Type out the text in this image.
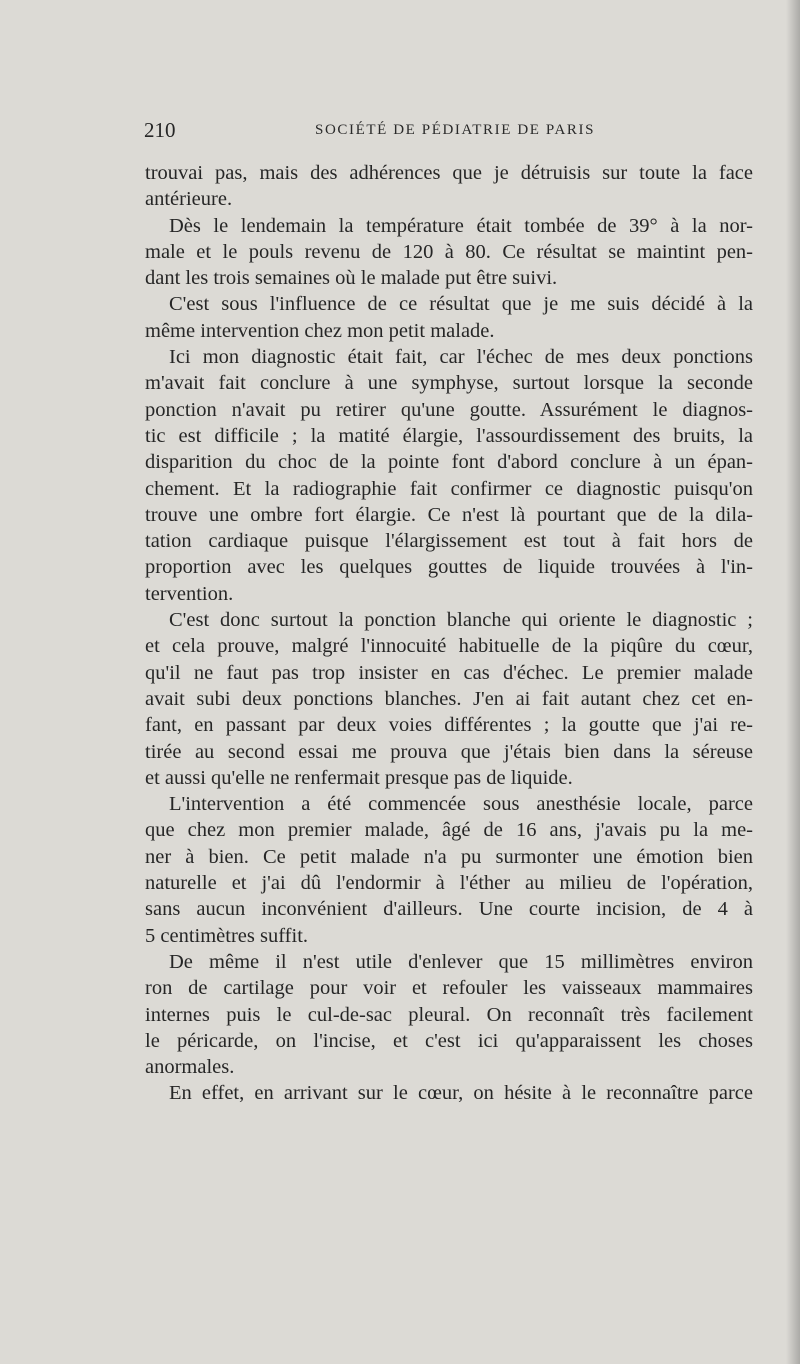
210	SOCIÉTÉ DE PÉDIATRIE DE PARIS
trouvai pas, mais des adhérences que je détruisis sur toute la face
antérieure.
Dès le lendemain la température était tombée de 39° à la nor-
male et le pouls revenu de 120 à 80. Ce résultat se maintint pen-
dant les trois semaines où le malade put être suivi.
C'est sous l'influence de ce résultat que je me suis décidé à la
même intervention chez mon petit malade.
Ici mon diagnostic était fait, car l'échec de mes deux ponctions
m'avait fait conclure à une symphyse, surtout lorsque la seconde
ponction n'avait pu retirer qu'une goutte. Assurément le diagnos-
tic est difficile ; la matité élargie, l'assourdissement des bruits, la
disparition du choc de la pointe font d'abord conclure à un épan-
chement. Et la radiographie fait confirmer ce diagnostic puisqu'on
trouve une ombre fort élargie. Ce n'est là pourtant que de la dila-
tation cardiaque puisque l'élargissement est tout à fait hors de
proportion avec les quelques gouttes de liquide trouvées à l'in-
tervention.
C'est donc surtout la ponction blanche qui oriente le diagnostic ;
et cela prouve, malgré l'innocuité habituelle de la piqûre du cœur,
qu'il ne faut pas trop insister en cas d'échec. Le premier malade
avait subi deux ponctions blanches. J'en ai fait autant chez cet en-
fant, en passant par deux voies différentes ; la goutte que j'ai re-
tirée au second essai me prouva que j'étais bien dans la séreuse
et aussi qu'elle ne renfermait presque pas de liquide.
L'intervention a été commencée sous anesthésie locale, parce
que chez mon premier malade, âgé de 16 ans, j'avais pu la me-
ner à bien. Ce petit malade n'a pu surmonter une émotion bien
naturelle et j'ai dû l'endormir à l'éther au milieu de l'opération,
sans aucun inconvénient d'ailleurs. Une courte incision, de 4 à
5 centimètres suffit.
De même il n'est utile d'enlever que 15 millimètres environ
ron de cartilage pour voir et refouler les vaisseaux mammaires
internes puis le cul-de-sac pleural. On reconnaît très facilement
le péricarde, on l'incise, et c'est ici qu'apparaissent les choses
anormales.
En effet, en arrivant sur le cœur, on hésite à le reconnaître parce
